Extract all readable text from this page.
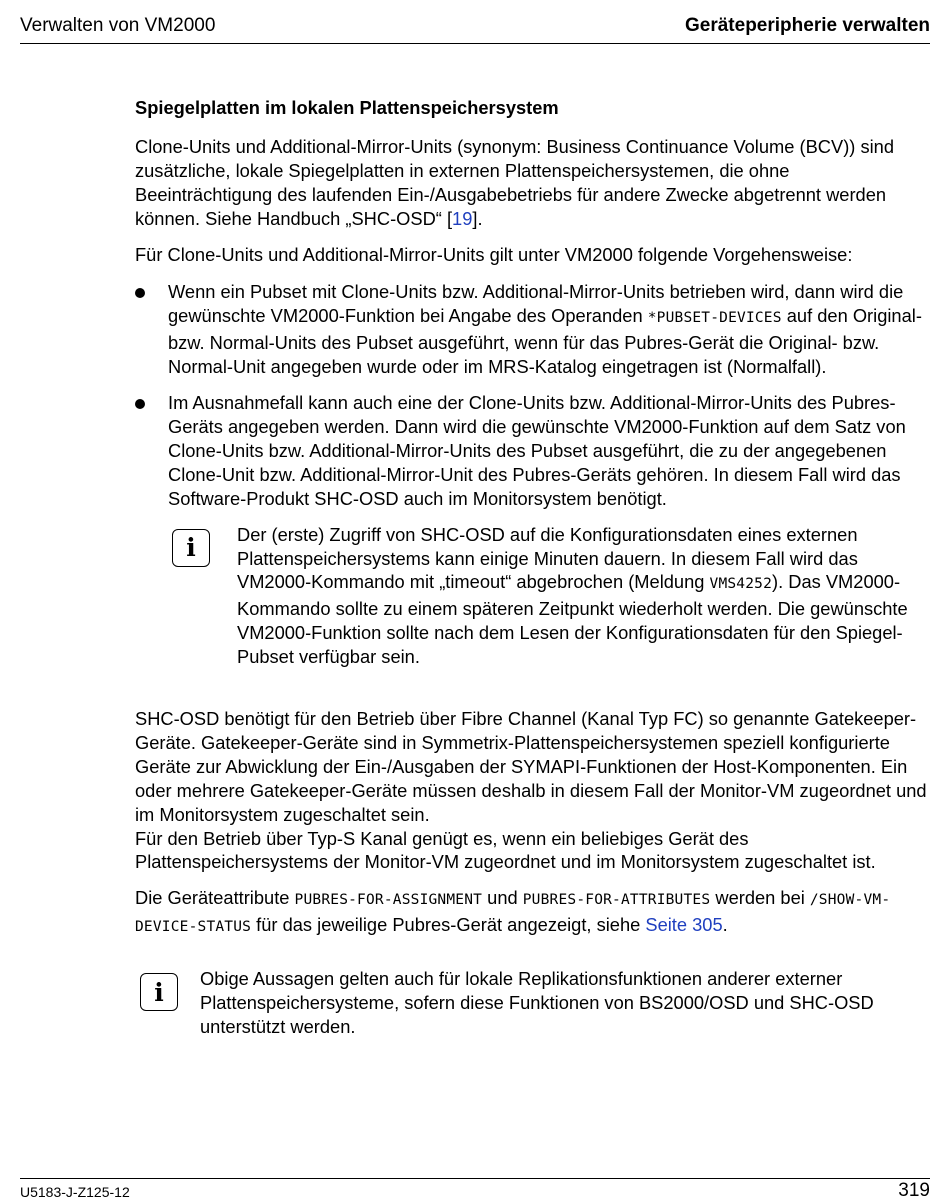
Verwalten von VM2000	Geräteperipherie verwalten

Spiegelplatten im lokalen Plattenspeichersystem

Clone-Units und Additional-Mirror-Units (synonym: Business Continuance Volume (BCV)) sind zusätzliche, lokale Spiegelplatten in externen Plattenspeichersystemen, die ohne Beeinträchtigung des laufenden Ein-/Ausgabebetriebs für andere Zwecke abgetrennt werden können. Siehe Handbuch „SHC-OSD“ [19].

Für Clone-Units und Additional-Mirror-Units gilt unter VM2000 folgende Vorgehensweise:

Wenn ein Pubset mit Clone-Units bzw. Additional-Mirror-Units betrieben wird, dann wird die gewünschte VM2000-Funktion bei Angabe des Operanden *PUBSET-DEVICES auf den Original- bzw. Normal-Units des Pubset ausgeführt, wenn für das Pubres-Gerät die Original- bzw. Normal-Unit angegeben wurde oder im MRS-Katalog eingetragen ist (Normalfall).
Im Ausnahmefall kann auch eine der Clone-Units bzw. Additional-Mirror-Units des Pubres-Geräts angegeben werden. Dann wird die gewünschte VM2000-Funktion auf dem Satz von Clone-Units bzw. Additional-Mirror-Units des Pubset ausgeführt, die zu der angegebenen Clone-Unit bzw. Additional-Mirror-Unit des Pubres-Geräts gehören. In diesem Fall wird das Software-Produkt SHC-OSD auch im Monitorsystem benötigt.
i	Der (erste) Zugriff von SHC-OSD auf die Konfigurationsdaten eines externen Plattenspeichersystems kann einige Minuten dauern. In diesem Fall wird das VM2000-Kommando mit „timeout“ abgebrochen (Meldung VMS4252). Das VM2000-Kommando sollte zu einem späteren Zeitpunkt wiederholt werden. Die gewünschte VM2000-Funktion sollte nach dem Lesen der Konfigurationsdaten für den Spiegel-Pubset verfügbar sein.

SHC-OSD benötigt für den Betrieb über Fibre Channel (Kanal Typ FC) so genannte Gatekeeper-Geräte. Gatekeeper-Geräte sind in Symmetrix-Plattenspeichersystemen speziell konfigurierte Geräte zur Abwicklung der Ein-/Ausgaben der SYMAPI-Funktionen der Host-Komponenten. Ein oder mehrere Gatekeeper-Geräte müssen deshalb in diesem Fall der Monitor-VM zugeordnet und im Monitorsystem zugeschaltet sein.

Für den Betrieb über Typ-S Kanal genügt es, wenn ein beliebiges Gerät des Plattenspeichersystems der Monitor-VM zugeordnet und im Monitorsystem zugeschaltet ist.

Die Geräteattribute PUBRES-FOR-ASSIGNMENT und PUBRES-FOR-ATTRIBUTES werden bei /SHOW-VM-DEVICE-STATUS für das jeweilige Pubres-Gerät angezeigt, siehe Seite 305.

i	Obige Aussagen gelten auch für lokale Replikationsfunktionen anderer externer Plattenspeichersysteme, sofern diese Funktionen von BS2000/OSD und SHC-OSD unterstützt werden.

U5183-J-Z125-12	319
